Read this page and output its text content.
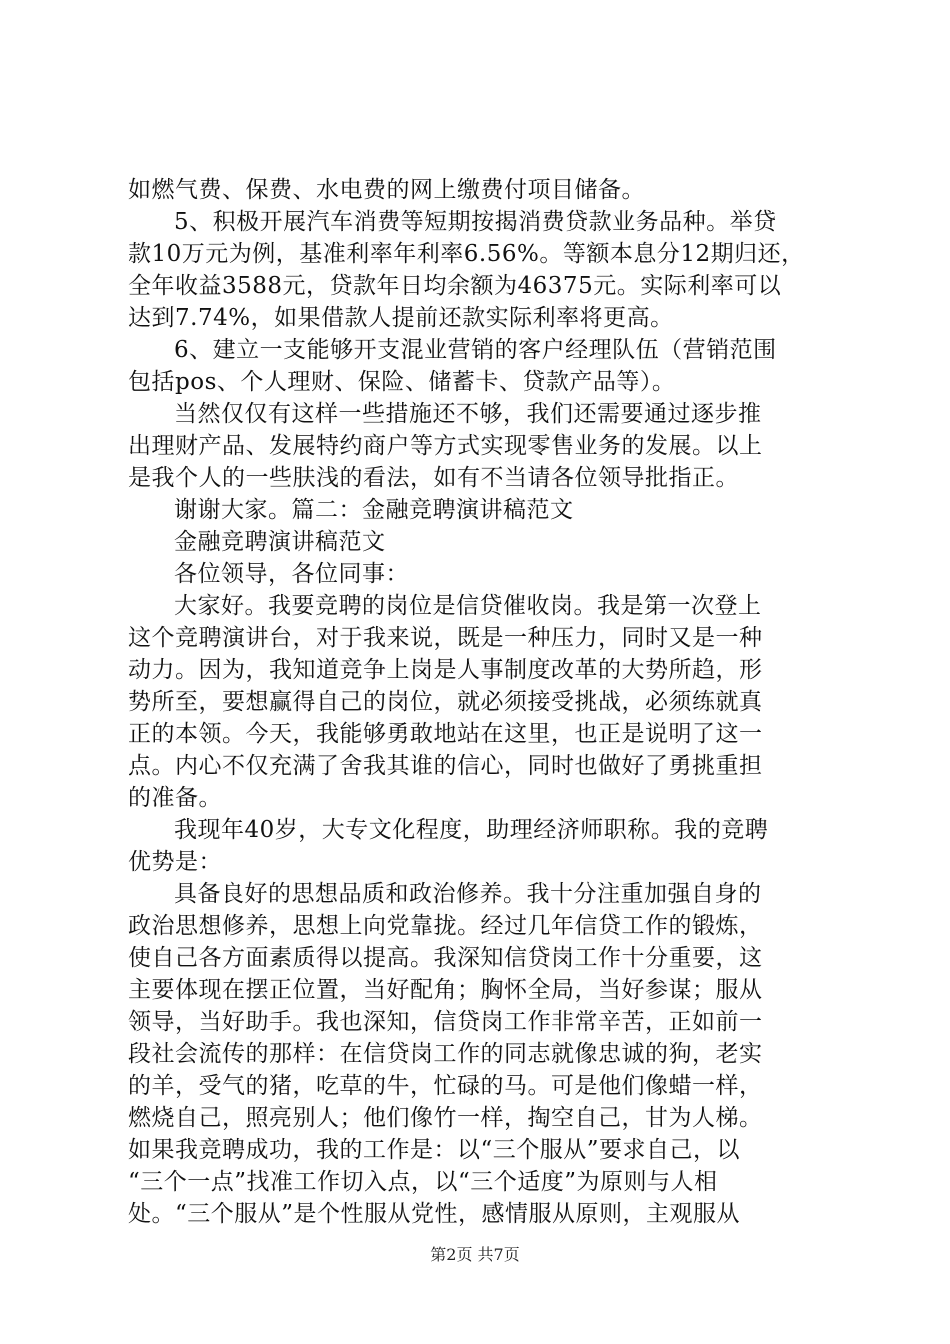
如燃气费、保费、水电费的网上缴费付项目储备。
5、积极开展汽车消费等短期按揭消费贷款业务品种。举贷
款10万元为例，基准利率年利率6.56%。等额本息分12期归还，
全年收益3588元，贷款年日均余额为46375元。实际利率可以
达到7.74%，如果借款人提前还款实际利率将更高。
6、建立一支能够开支混业营销的客户经理队伍（营销范围
包括pos、个人理财、保险、储蓄卡、贷款产品等）。
当然仅仅有这样一些措施还不够，我们还需要通过逐步推
出理财产品、发展特约商户等方式实现零售业务的发展。以上
是我个人的一些肤浅的看法，如有不当请各位领导批指正。
谢谢大家。篇二：金融竞聘演讲稿范文
金融竞聘演讲稿范文
各位领导，各位同事：
大家好。我要竞聘的岗位是信贷催收岗。我是第一次登上
这个竞聘演讲台，对于我来说，既是一种压力，同时又是一种
动力。因为，我知道竞争上岗是人事制度改革的大势所趋，形
势所至，要想赢得自己的岗位，就必须接受挑战，必须练就真
正的本领。今天，我能够勇敢地站在这里，也正是说明了这一
点。内心不仅充满了舍我其谁的信心，同时也做好了勇挑重担
的准备。
我现年40岁，大专文化程度，助理经济师职称。我的竞聘
优势是：
具备良好的思想品质和政治修养。我十分注重加强自身的
政治思想修养，思想上向党靠拢。经过几年信贷工作的锻炼，
使自己各方面素质得以提高。我深知信贷岗工作十分重要，这
主要体现在摆正位置，当好配角；胸怀全局，当好参谋；服从
领导，当好助手。我也深知，信贷岗工作非常辛苦，正如前一
段社会流传的那样：在信贷岗工作的同志就像忠诚的狗，老实
的羊，受气的猪，吃草的牛，忙碌的马。可是他们像蜡一样，
燃烧自己，照亮别人；他们像竹一样，掏空自己，甘为人梯。
如果我竞聘成功，我的工作是：以“三个服从”要求自己，以
“三个一点”找准工作切入点，以“三个适度”为原则与人相
处。“三个服从”是个性服从党性，感情服从原则，主观服从
第2页 共7页
